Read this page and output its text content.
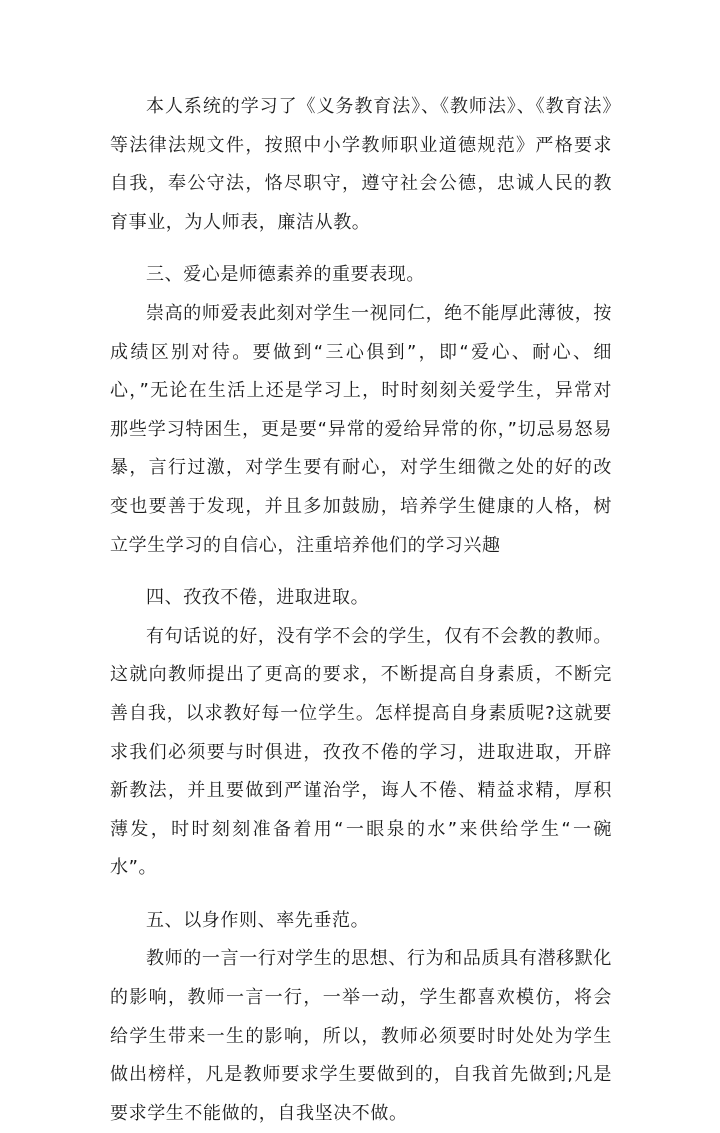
本人系统的学习了《义务教育法》、《教师法》、《教育法》等法律法规文件，按照中小学教师职业道德规范》严格要求自我，奉公守法，恪尽职守，遵守社会公德，忠诚人民的教育事业，为人师表，廉洁从教。

三、爱心是师德素养的重要表现。

崇高的师爱表此刻对学生一视同仁，绝不能厚此薄彼，按成绩区别对待。要做到“三心俱到”，即“爱心、耐心、细心，”无论在生活上还是学习上，时时刻刻关爱学生，异常对那些学习特困生，更是要“异常的爱给异常的你，”切忌易怒易暴，言行过激，对学生要有耐心，对学生细微之处的好的改变也要善于发现，并且多加鼓励，培养学生健康的人格，树立学生学习的自信心，注重培养他们的学习兴趣

四、孜孜不倦，进取进取。

有句话说的好，没有学不会的学生，仅有不会教的教师。这就向教师提出了更高的要求，不断提高自身素质，不断完善自我，以求教好每一位学生。怎样提高自身素质呢?这就要求我们必须要与时俱进，孜孜不倦的学习，进取进取，开辟新教法，并且要做到严谨治学，诲人不倦、精益求精，厚积薄发，时时刻刻准备着用“一眼泉的水”来供给学生“一碗水”。

五、以身作则、率先垂范。

教师的一言一行对学生的思想、行为和品质具有潜移默化的影响，教师一言一行，一举一动，学生都喜欢模仿，将会给学生带来一生的影响，所以，教师必须要时时处处为学生做出榜样，凡是教师要求学生要做到的，自我首先做到;凡是要求学生不能做的，自我坚决不做。
